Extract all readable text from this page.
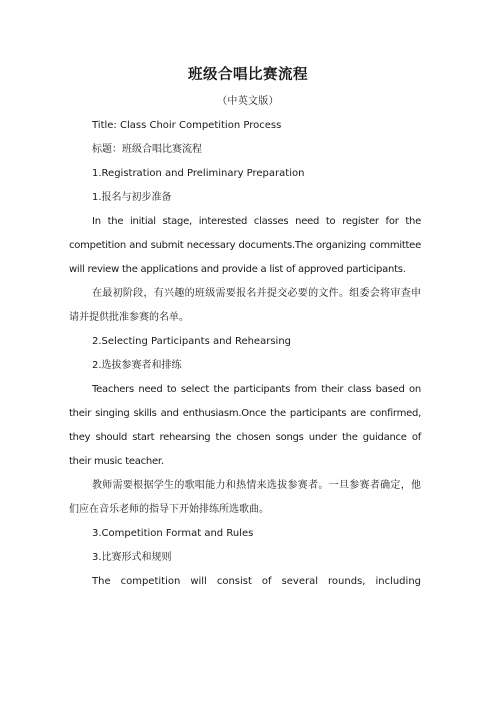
班级合唱比赛流程
（中英文版）

Title: Class Choir Competition Process

标题：班级合唱比赛流程

1.Registration and Preliminary Preparation

1.报名与初步准备

In the initial stage, interested classes need to register for the competition and submit necessary documents.The organizing committee will review the applications and provide a list of approved participants.

在最初阶段，有兴趣的班级需要报名并提交必要的文件。组委会将审查申请并提供批准参赛的名单。

2.Selecting Participants and Rehearsing

2.选拔参赛者和排练

Teachers need to select the participants from their class based on their singing skills and enthusiasm.Once the participants are confirmed, they should start rehearsing the chosen songs under the guidance of their music teacher.

教师需要根据学生的歌唱能力和热情来选拔参赛者。一旦参赛者确定，他们应在音乐老师的指导下开始排练所选歌曲。

3.Competition Format and Rules

3.比赛形式和规则

The competition will consist of several rounds, including
